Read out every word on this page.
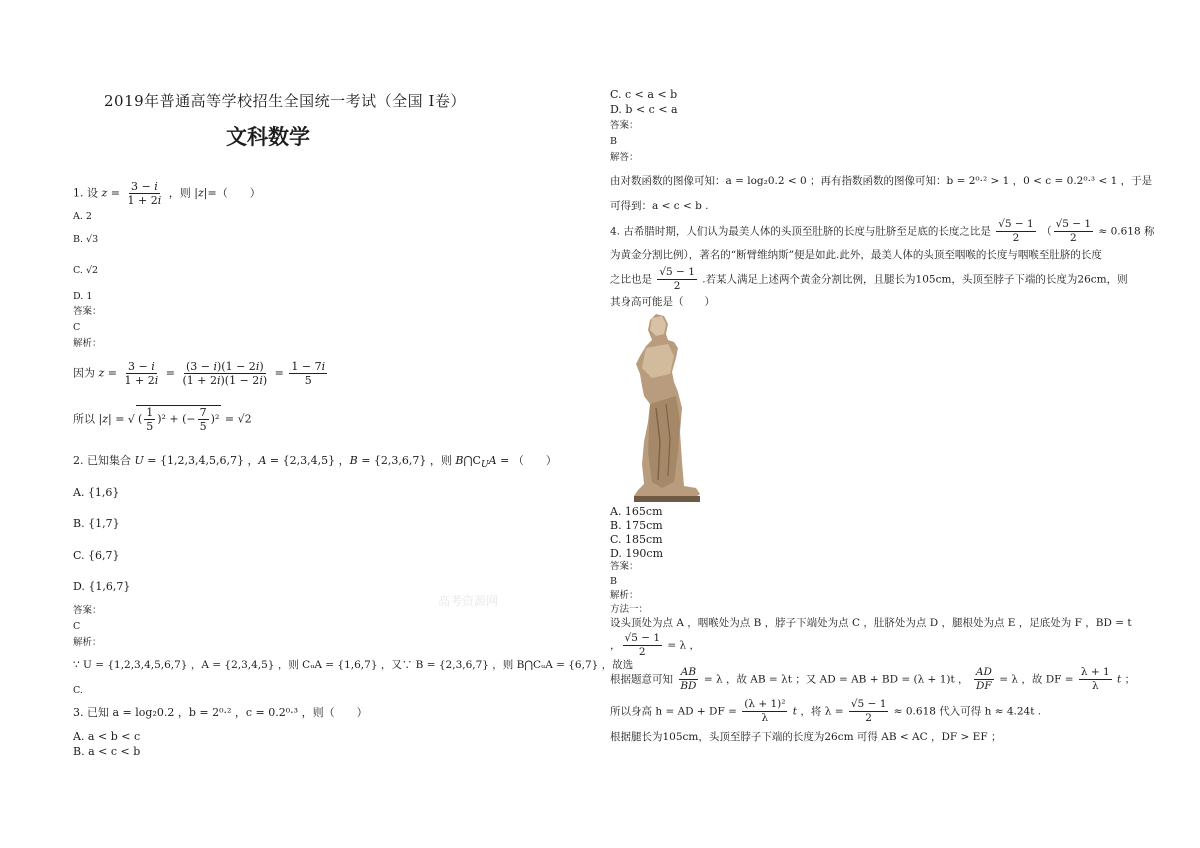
2019年普通高等学校招生全国统一考试（全国 Ⅰ卷）
文科数学
1. 设 $z = \frac{3 - i}{1 + 2i}$ ，则 |z|=（　　）
A. 2
B. √3
C. √2
D. 1
答案：
C
解析：
因为 $z = \frac{3 - i}{1 + 2i} = \frac{(3 - i)(1 - 2i)}{(1 + 2i)(1 - 2i)} = \frac{1 - 7i}{5}$
所以 |z| = √ ( $\frac{1}{5} )^2$ + (− $\frac{7}{5} )^2 = √2$
2. 已知集合 U = {1,2,3,4,5,6,7} ，A = {2,3,4,5} ，B = {2,3,6,7} ，则 $B⋂C_UA$ = （　　）
A. {1,6}
B. {1,7}
C. {6,7}
D. {1,6,7}
答案：
C
解析：
∵ U = {1,2,3,4,5,6,7} ，A = {2,3,4,5} ，则 CᵤA = {1,6,7} ，又∵ B = {2,3,6,7} ，则 B⋂CᵤA = {6,7} ，故选
C.
3. 已知 a = log₂0.2 ，b = 2⁰·² ，c = 0.2⁰·³ ，则（　　）
A. a < b < c
B. a < c < b
高考资源网
C. c < a < b
D. b < c < a
答案：
B
解答：
由对数函数的图像可知：a = log₂0.2 < 0 ；再有指数函数的图像可知：b = 2⁰·² > 1 ，0 < c = 0.2⁰·³ < 1 ，于是
可得到：a < c < b .
4. 古希腊时期，人们认为最美人体的头顶至肚脐的长度与肚脐至足底的长度之比是 $\frac{√5 - 1}{2}$ （ $\frac{√5 - 1}{2} \approx 0.618$ 称
为黄金分割比例），著名的“断臂维纳斯”便是如此.此外，最美人体的头顶至咽喉的长度与咽喉至肚脐的长度
之比也是 $\frac{√5 - 1}{2}$ .若某人满足上述两个黄金分割比例，且腿长为105cm，头顶至脖子下端的长度为26cm，则
其身高可能是（　　）
A. 165cm
B. 175cm
C. 185cm
D. 190cm
答案：
B
解析：
方法一：
设头顶处为点 A ，咽喉处为点 B ，脖子下端处为点 C ，肚脐处为点 D ，腿根处为点 E ，足底处为 F ，BD = t
， $\frac{√5 - 1}{2} = \lambda$ ，
根据题意可知 $\frac{AB}{BD} = \lambda$ ，故 AB = λt ；又 AD = AB + BD = (λ + 1)t ， $\frac{AD}{DF} = \lambda$ ，故 DF = $\frac{\lambda + 1}{\lambda}$ t ；
所以身高 h = AD + DF = $\frac{\text{(λ + 1)²}}{\lambda}$ t ，将 $\lambda = \frac{√5 - 1}{2} \approx 0.618$ 代入可得 h ≈ 4.24t .
根据腿长为105cm，头顶至脖子下端的长度为26cm 可得 AB < AC ，DF > EF ；
